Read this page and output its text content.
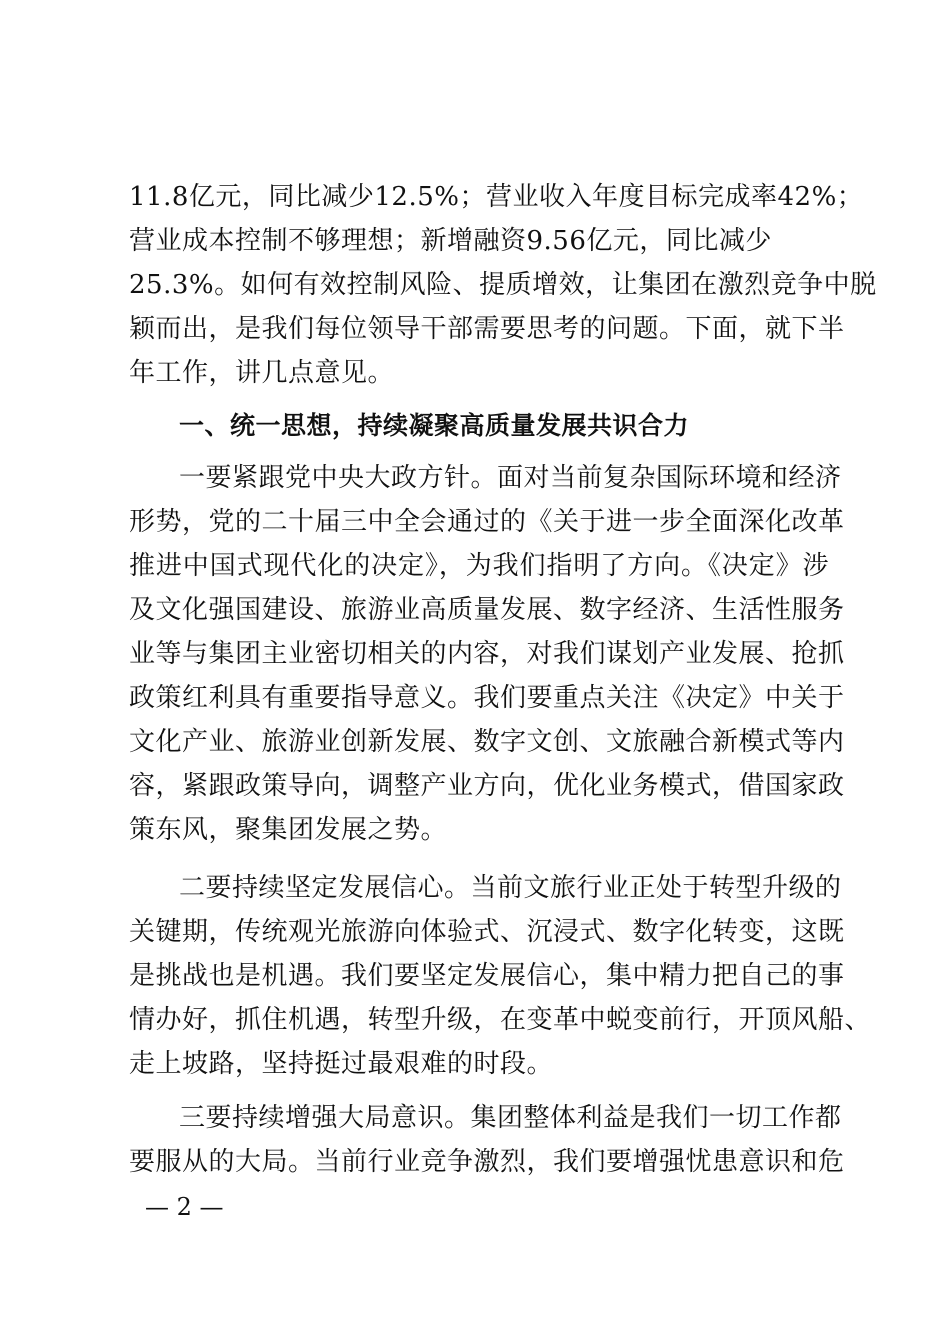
11.8亿元，同比减少12.5%；营业收入年度目标完成率42%；
营业成本控制不够理想；新增融资9.56亿元，同比减少
25.3%。如何有效控制风险、提质增效，让集团在激烈竞争中脱
颖而出，是我们每位领导干部需要思考的问题。下面，就下半
年工作，讲几点意见。
一、统一思想，持续凝聚高质量发展共识合力
一要紧跟党中央大政方针。面对当前复杂国际环境和经济
形势，党的二十届三中全会通过的《关于进一步全面深化改革
推进中国式现代化的决定》，为我们指明了方向。《决定》涉
及文化强国建设、旅游业高质量发展、数字经济、生活性服务
业等与集团主业密切相关的内容，对我们谋划产业发展、抢抓
政策红利具有重要指导意义。我们要重点关注《决定》中关于
文化产业、旅游业创新发展、数字文创、文旅融合新模式等内
容，紧跟政策导向，调整产业方向，优化业务模式，借国家政
策东风，聚集团发展之势。
二要持续坚定发展信心。当前文旅行业正处于转型升级的
关键期，传统观光旅游向体验式、沉浸式、数字化转变，这既
是挑战也是机遇。我们要坚定发展信心，集中精力把自己的事
情办好，抓住机遇，转型升级，在变革中蜕变前行，开顶风船、
走上坡路，坚持挺过最艰难的时段。
三要持续增强大局意识。集团整体利益是我们一切工作都
要服从的大局。当前行业竞争激烈，我们要增强忧患意识和危
— 2 —
